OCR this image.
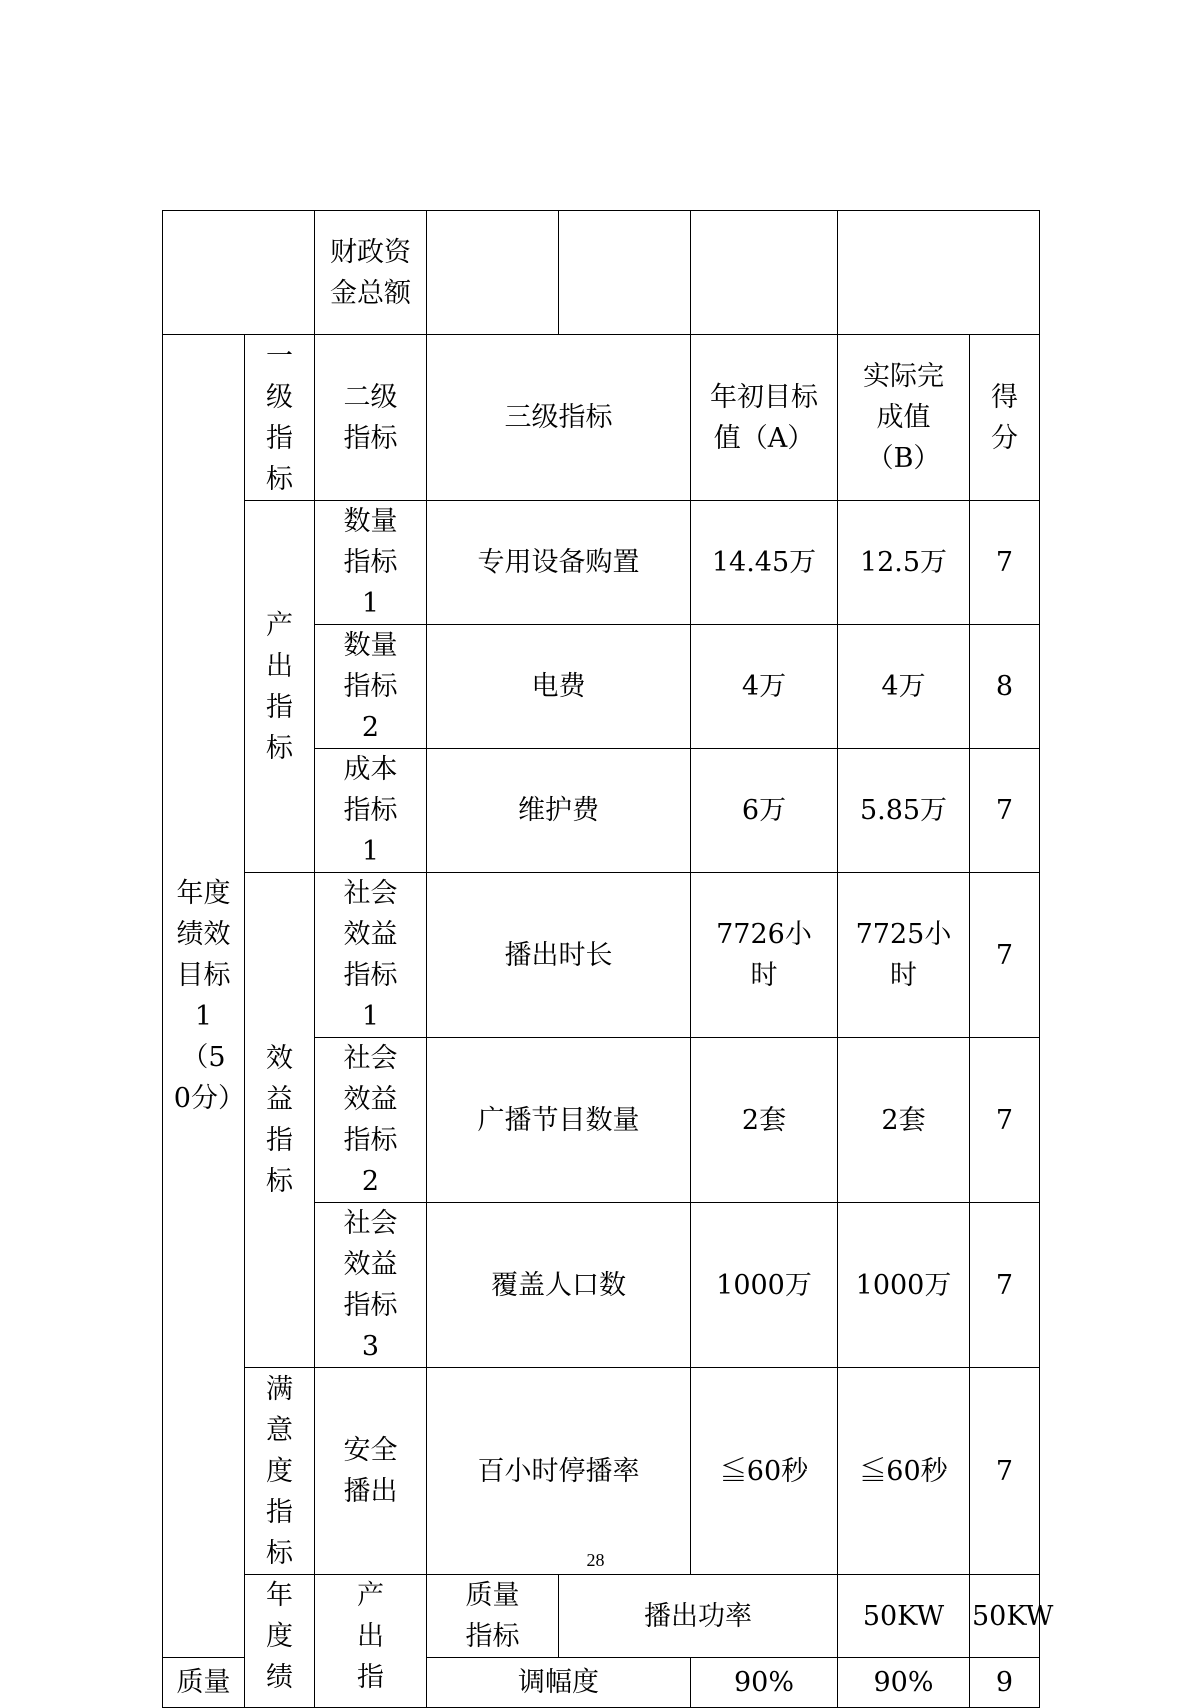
		财政资金总额						
年度绩效目标1（50分）	一级指标	二级指标	三级指标		年初目标值（A）	实际完成值（B）	得分	
	产出指标	数量指标1	专用设备购置		14.45万	12.5万	7	
		数量指标2	电费		4万	4万	8	
		成本指标1	维护费		6万	5.85万	7	
	效益指标	社会效益指标1	播出时长		7726小时	7725小时	7	
		社会效益指标2	广播节目数量		2套	2套	7	
		社会效益指标3	覆盖人口数		1000万	1000万	7	
	满意度指标	安全播出	百小时停播率		≦60秒	≦60秒	7	
	年度绩	产出指	质量指标	播出功率		50KW	50KW	
质量			调幅度		90%	90%	9	
28
